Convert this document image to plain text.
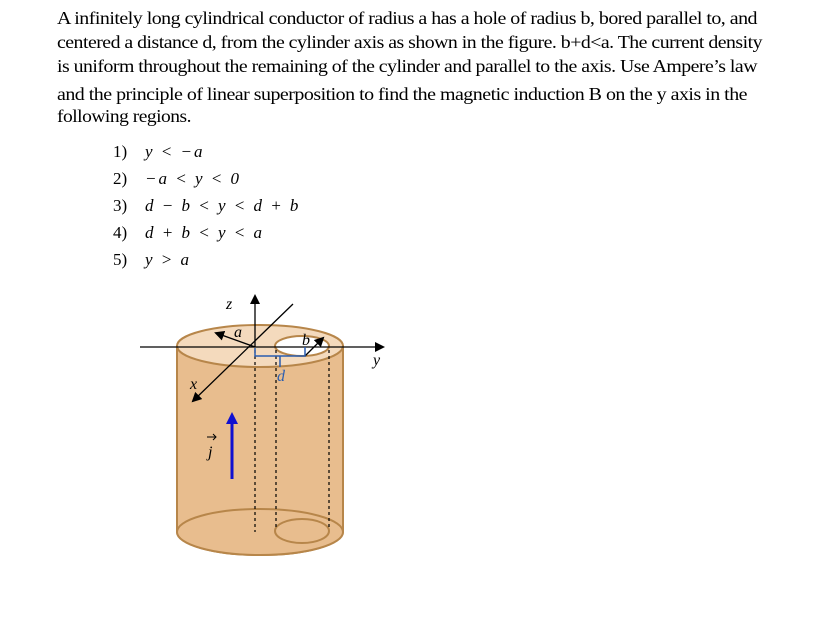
A infinitely long cylindrical conductor of radius a has a hole of radius b, bored parallel to, and
centered a distance d, from the cylinder axis as shown in the figure. b+d<a. The current density
is uniform throughout the remaining of the cylinder and parallel to the axis. Use Ampere’s law
and the principle of linear superposition to find the magnetic induction B on the y axis in the
following regions.
1) y < −a
2) −a < y < 0
3) d − b < y < d + b
4) d + b < y < a
5) y > a
z
y
x
a	b
d
j
